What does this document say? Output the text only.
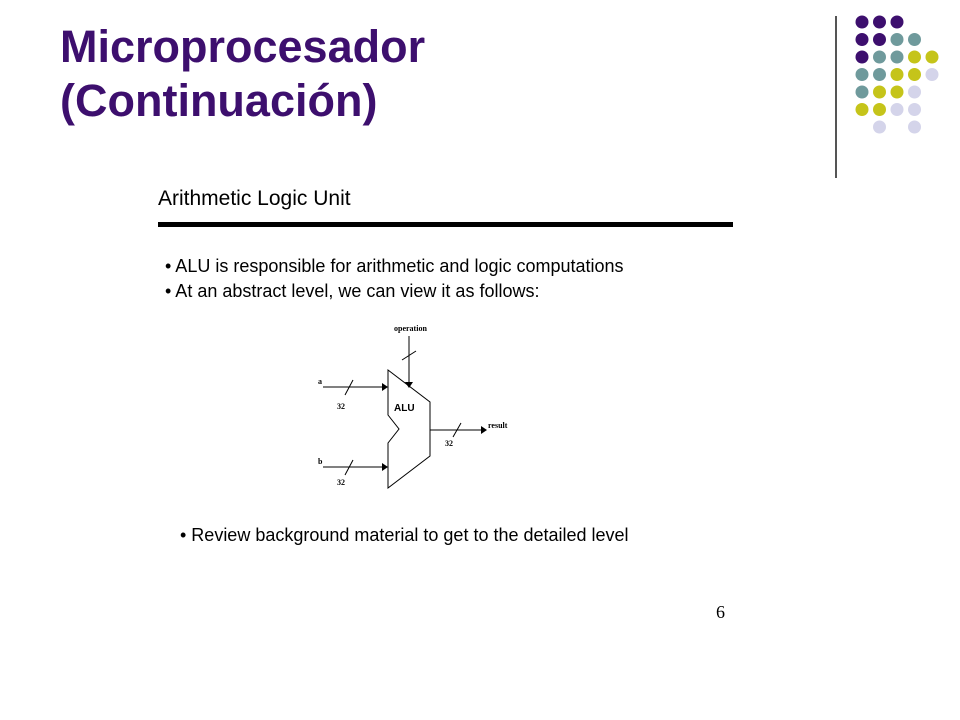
Microprocesador
(Continuación)
Arithmetic Logic Unit
• ALU is responsible for arithmetic and logic computations
• At an abstract level, we can view it as follows:
operation
a
32
b
32
ALU
result
32
• Review background material to get to the detailed level
6
